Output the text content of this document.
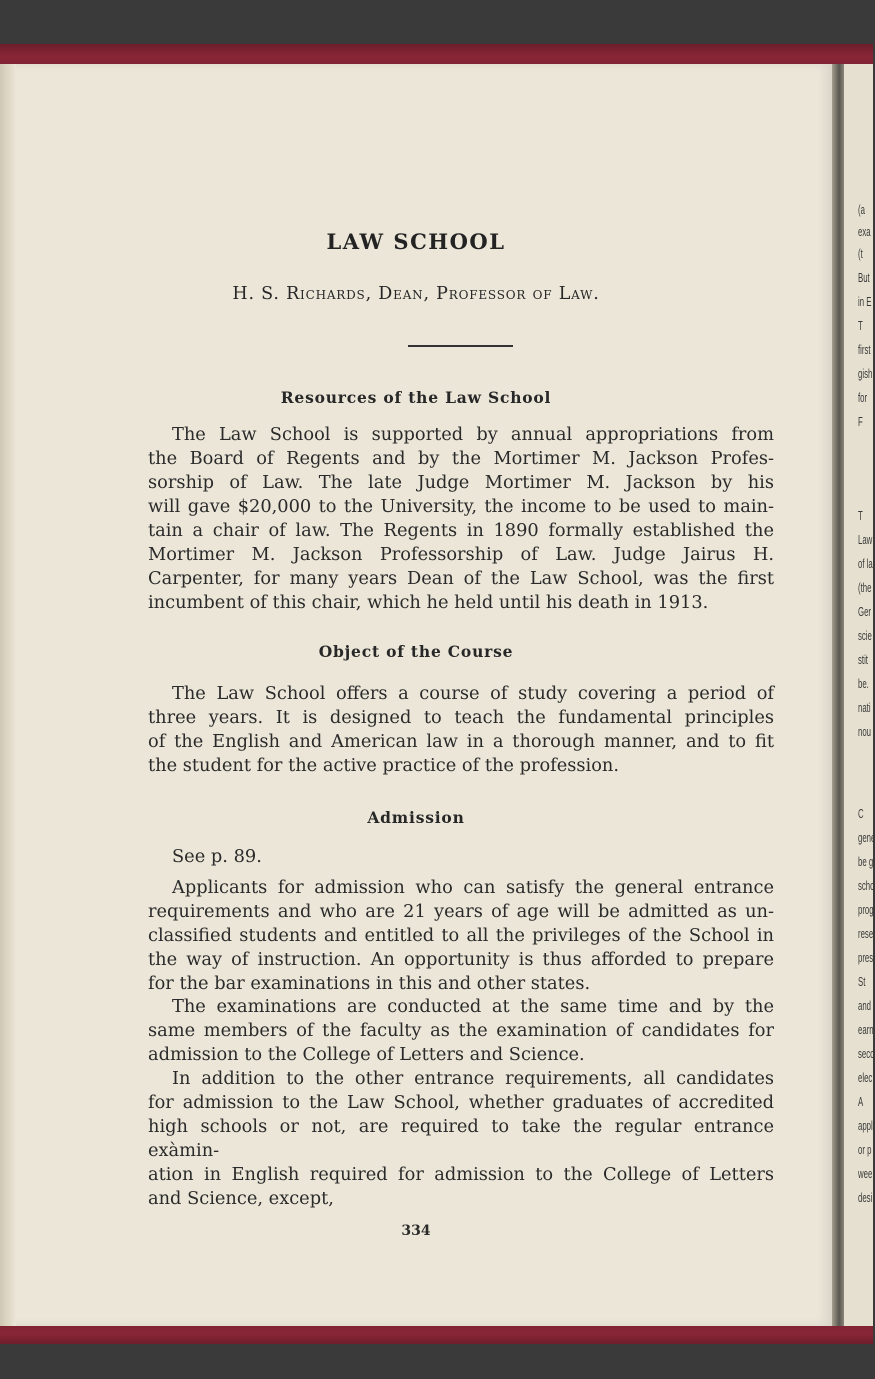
(a
exa
(t
But
in E
T
first
gish
for
F
T
Law
of la
(the
Ger
scie
stit
be.
nati
nou
C
gene
be g
scho
prog
rese
pres
St
and
earn
seco
elec
A
appl
or p
wee
desi
LAW SCHOOL
H. S. Richards, Dean, Professor of Law.
Resources of the Law School
The Law School is supported by annual appropriations from
the Board of Regents and by the Mortimer M. Jackson Profes-
sorship of Law. The late Judge Mortimer M. Jackson by his
will gave $20,000 to the University, the income to be used to main-
tain a chair of law. The Regents in 1890 formally established the
Mortimer M. Jackson Professorship of Law. Judge Jairus H.
Carpenter, for many years Dean of the Law School, was the first
incumbent of this chair, which he held until his death in 1913.
Object of the Course
The Law School offers a course of study covering a period of
three years. It is designed to teach the fundamental principles
of the English and American law in a thorough manner, and to fit
the student for the active practice of the profession.
Admission
See p. 89.
Applicants for admission who can satisfy the general entrance
requirements and who are 21 years of age will be admitted as un-
classified students and entitled to all the privileges of the School in
the way of instruction. An opportunity is thus afforded to prepare
for the bar examinations in this and other states.
The examinations are conducted at the same time and by the
same members of the faculty as the examination of candidates for
admission to the College of Letters and Science.
In addition to the other entrance requirements, all candidates
for admission to the Law School, whether graduates of accredited
high schools or not, are required to take the regular entrance exàmin-
ation in English required for admission to the College of Letters
and Science, except,
334
